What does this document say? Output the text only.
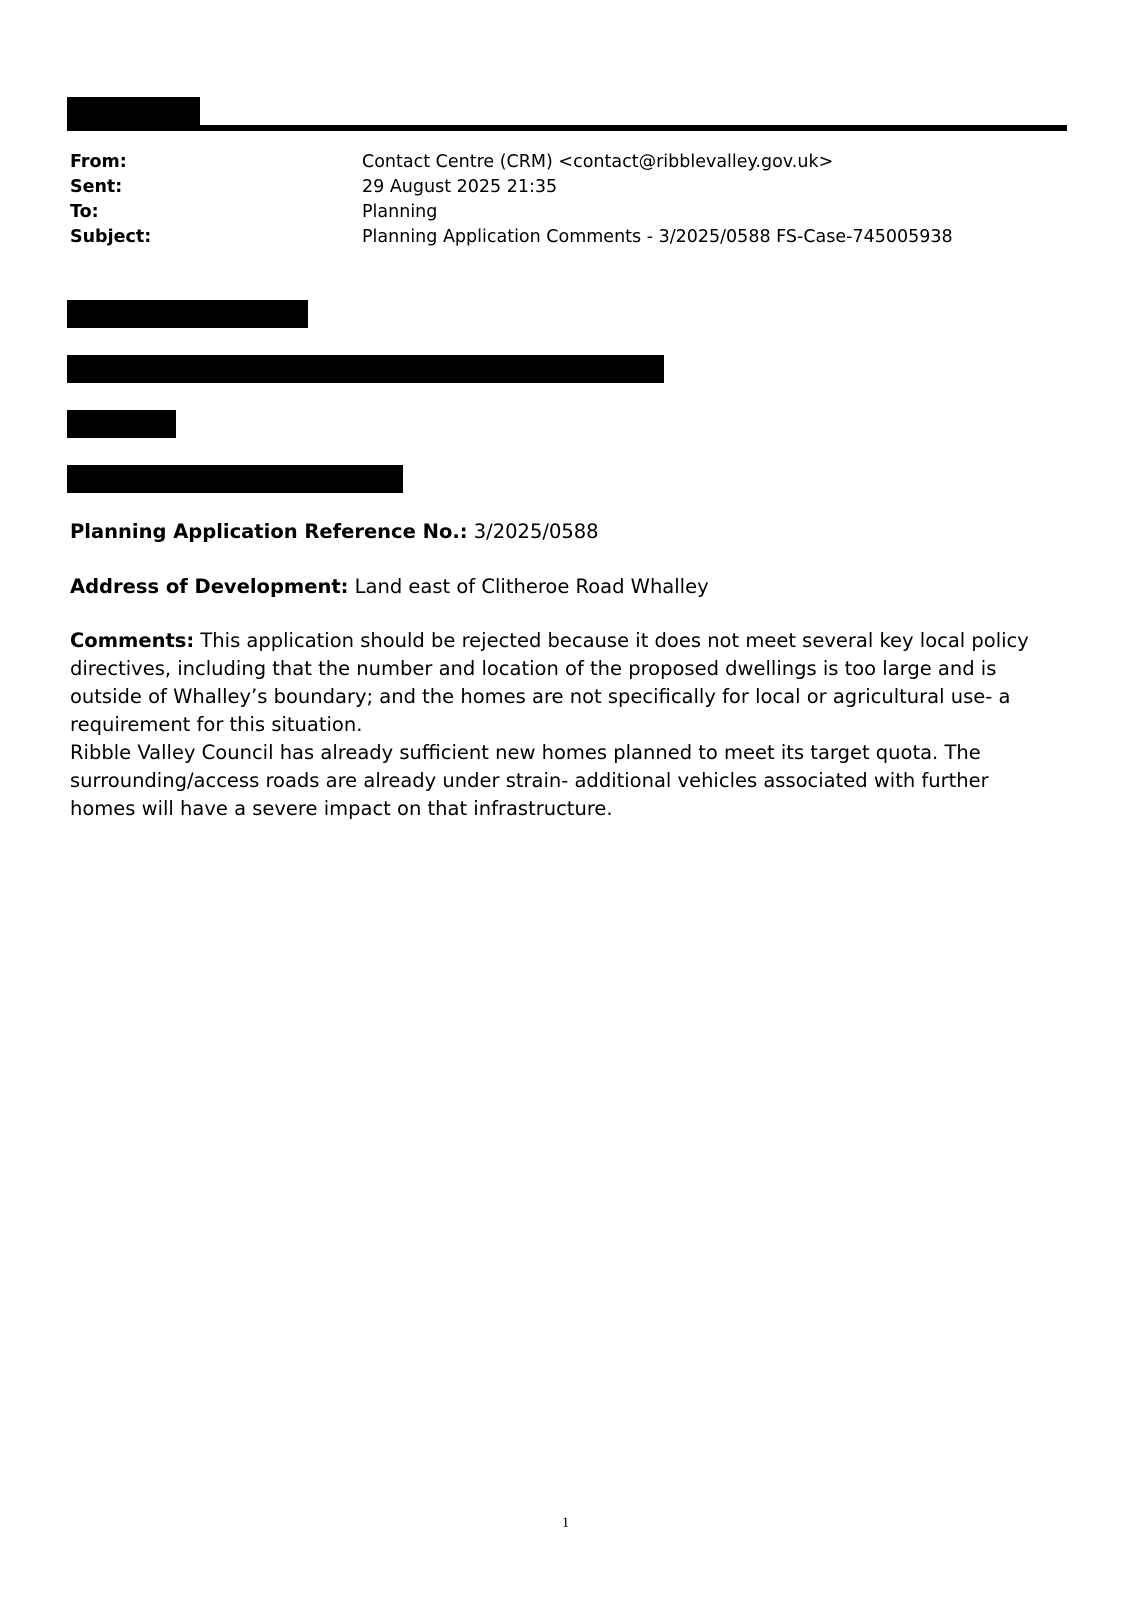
From:	Contact Centre (CRM) <contact@ribblevalley.gov.uk>
Sent:	29 August 2025 21:35
To:	Planning
Subject:	Planning Application Comments - 3/2025/0588 FS-Case-745005938
Planning Application Reference No.: 3/2025/0588
Address of Development: Land east of Clitheroe Road Whalley

Comments: This application should be rejected because it does not meet several key local policy directives, including that the number and location of the proposed dwellings is too large and is outside of Whalley’s boundary; and the homes are not specifically for local or agricultural use- a requirement for this situation.

Ribble Valley Council has already sufficient new homes planned to meet its target quota. The surrounding/access roads are already under strain- additional vehicles associated with further homes will have a severe impact on that infrastructure.

1
